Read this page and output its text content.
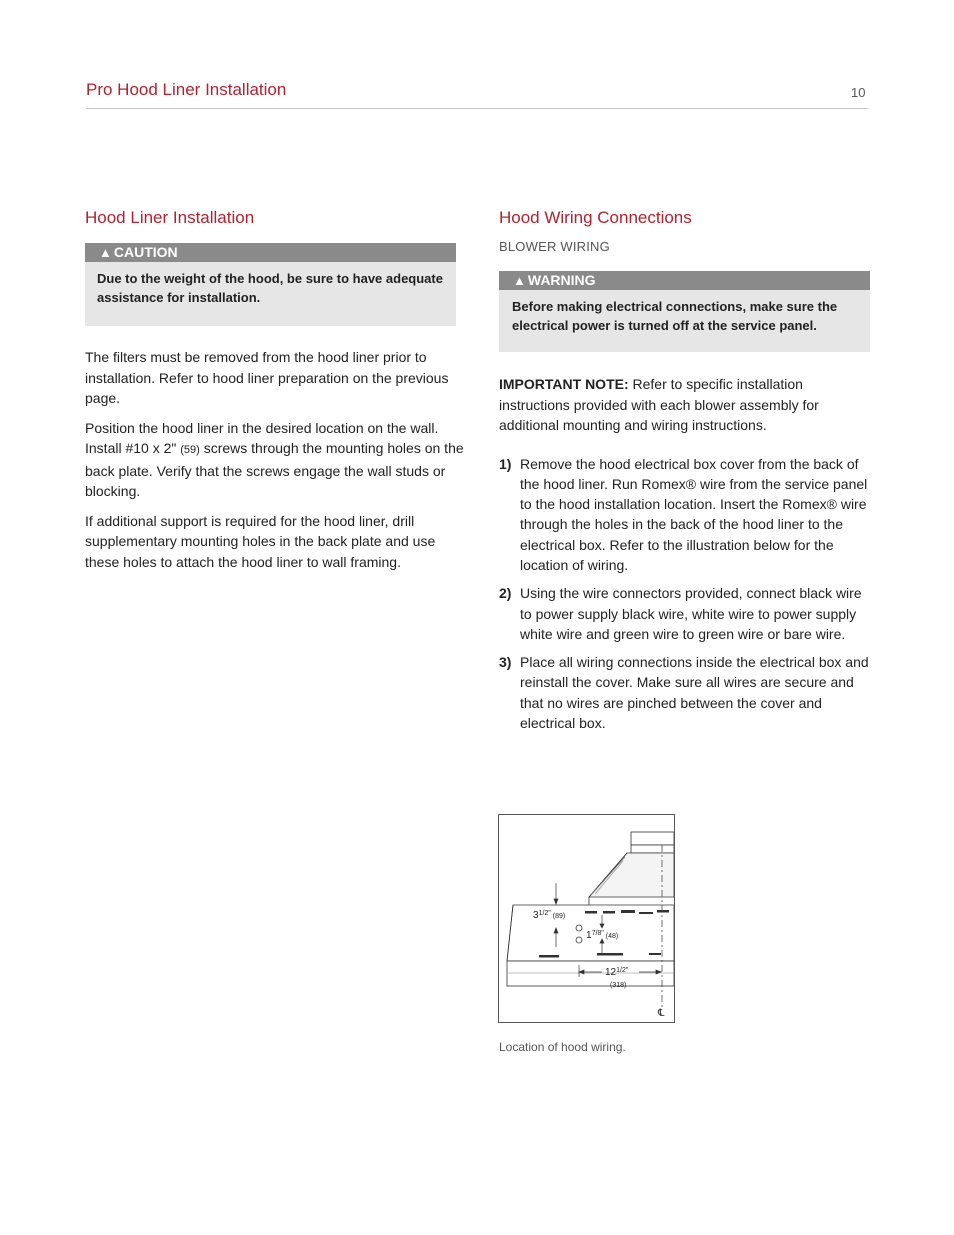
Pro Hood Liner Installation	10
Hood Liner Installation
▲ CAUTION
Due to the weight of the hood, be sure to have adequate assistance for installation.

The filters must be removed from the hood liner prior to installation. Refer to hood liner preparation on the previous page.

Position the hood liner in the desired location on the wall. Install #10 x 2" (59) screws through the mounting holes on the back plate. Verify that the screws engage the wall studs or blocking.

If additional support is required for the hood liner, drill supplementary mounting holes in the back plate and use these holes to attach the hood liner to wall framing.

Hood Wiring Connections
BLOWER WIRING
▲ WARNING
Before making electrical connections, make sure the electrical power is turned off at the service panel.

IMPORTANT NOTE: Refer to specific installation instructions provided with each blower assembly for additional mounting and wiring instructions.

1) Remove the hood electrical box cover from the back of the hood liner. Run Romex® wire from the service panel to the hood installation location. Insert the Romex® wire through the holes in the back of the hood liner to the electrical box. Refer to the illustration below for the location of wiring.
2) Using the wire connectors provided, connect black wire to power supply black wire, white wire to power supply white wire and green wire to green wire or bare wire.
3) Place all wiring connections inside the electrical box and reinstall the cover. Make sure all wires are secure and that no wires are pinched between the cover and electrical box.
$3^{1/2"}$ $_{(89)}$
$1^{7/8"}$ $_{(48)}$
$12^{1/2"}$
(318)
℄
Location of hood wiring.
